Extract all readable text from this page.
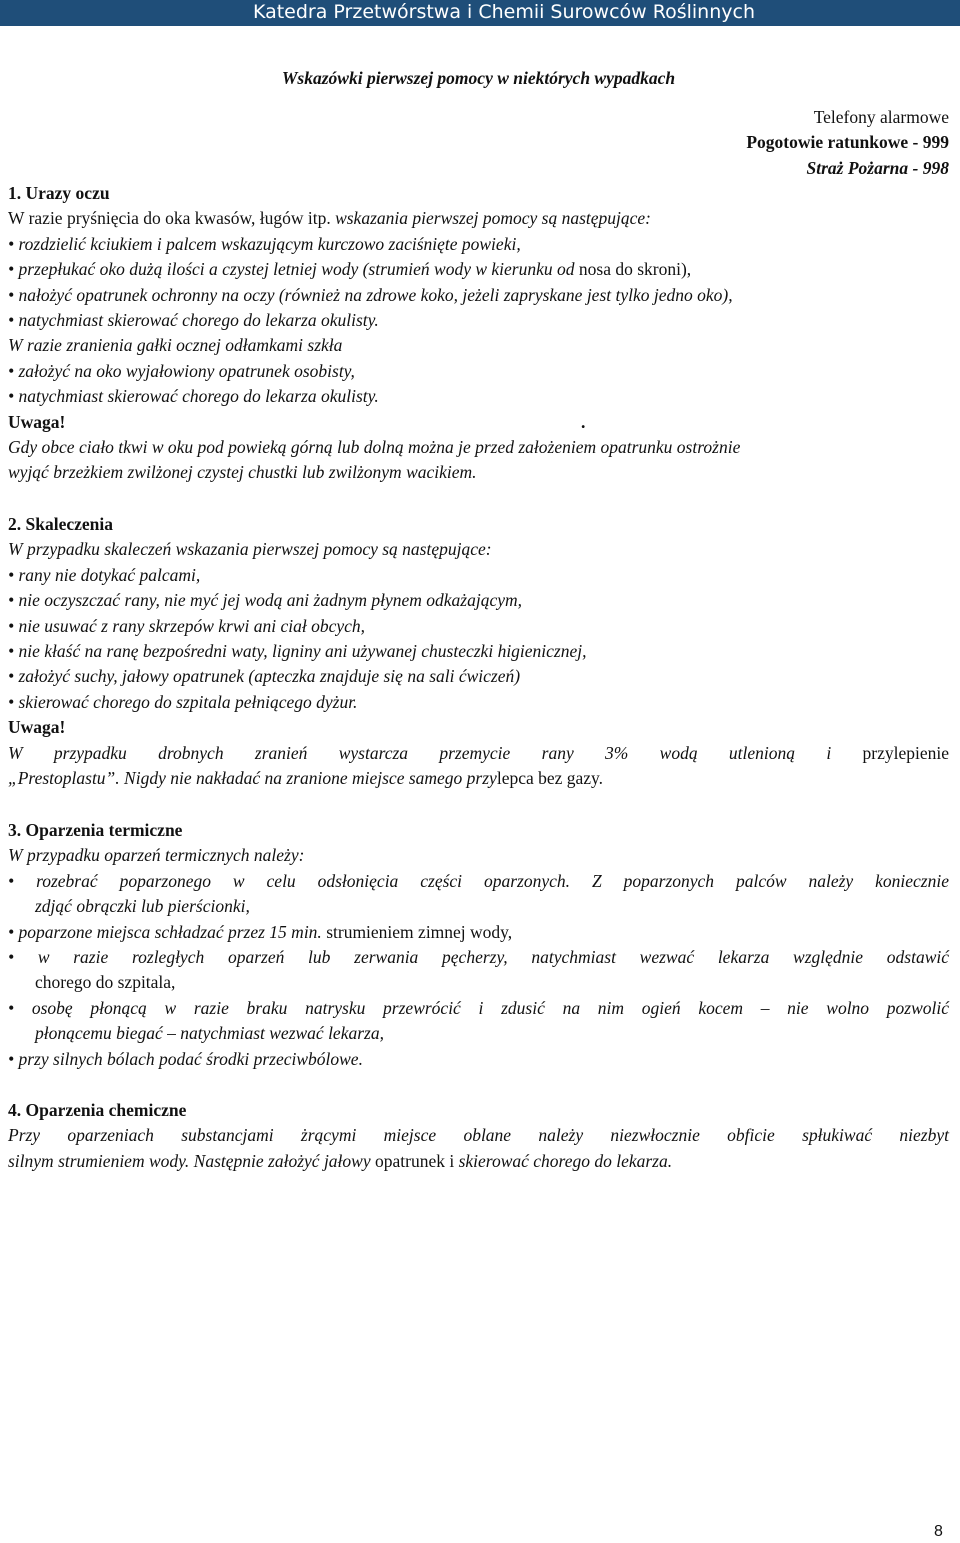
Katedra Przetwórstwa i Chemii Surowców Roślinnych
Wskazówki pierwszej pomocy w niektórych wypadkach
Telefony alarmowe
Pogotowie ratunkowe - 999
Straż Pożarna - 998
1. Urazy oczu
W razie pryśnięcia do oka kwasów, ługów itp. wskazania pierwszej pomocy są następujące:
• rozdzielić kciukiem i palcem wskazującym kurczowo zaciśnięte powieki,
• przepłukać oko dużą ilości a czystej letniej wody (strumień wody w kierunku od nosa do skroni),
• nałożyć opatrunek ochronny na oczy (również na zdrowe koko, jeżeli zapryskane jest tylko jedno oko),
• natychmiast skierować chorego do lekarza okulisty.
W razie zranienia gałki ocznej odłamkami szkła
• założyć na oko wyjałowiony opatrunek osobisty,
• natychmiast skierować chorego do lekarza okulisty.
Uwaga!	.
Gdy obce ciało tkwi w oku pod powieką górną lub dolną można je przed założeniem opatrunku ostrożnie
wyjąć brzeżkiem zwilżonej czystej chustki lub zwilżonym wacikiem.
2. Skaleczenia
W przypadku skaleczeń wskazania pierwszej pomocy są następujące:
• rany nie dotykać palcami,
• nie oczyszczać rany, nie myć jej wodą ani żadnym płynem odkażającym,
• nie usuwać z rany skrzepów krwi ani ciał obcych,
• nie kłaść na ranę bezpośredni waty, ligniny ani używanej chusteczki higienicznej,
• założyć suchy, jałowy opatrunek (apteczka znajduje się na sali ćwiczeń)
• skierować chorego do szpitala pełniącego dyżur.
Uwaga!
W przypadku drobnych zranień wystarcza przemycie rany 3% wodą utlenioną i przylepienie
„Prestoplastu”. Nigdy nie nakładać na zranione miejsce samego przylepca bez gazy.
3. Oparzenia termiczne
W przypadku oparzeń termicznych należy:
• rozebrać poparzonego w celu odsłonięcia części oparzonych. Z poparzonych palców należy koniecznie
zdjąć obrączki lub pierścionki,
• poparzone miejsca schładzać przez 15 min. strumieniem zimnej wody,
• w razie rozległych oparzeń lub zerwania pęcherzy, natychmiast wezwać lekarza względnie odstawić
chorego do szpitala,
• osobę płonącą w razie braku natrysku przewrócić i zdusić na nim ogień kocem – nie wolno pozwolić
płonącemu biegać – natychmiast wezwać lekarza,
• przy silnych bólach podać środki przeciwbólowe.
4. Oparzenia chemiczne
Przy oparzeniach substancjami żrącymi miejsce oblane należy niezwłocznie obficie spłukiwać niezbyt
silnym strumieniem wody. Następnie założyć jałowy opatrunek i skierować chorego do lekarza.
8
